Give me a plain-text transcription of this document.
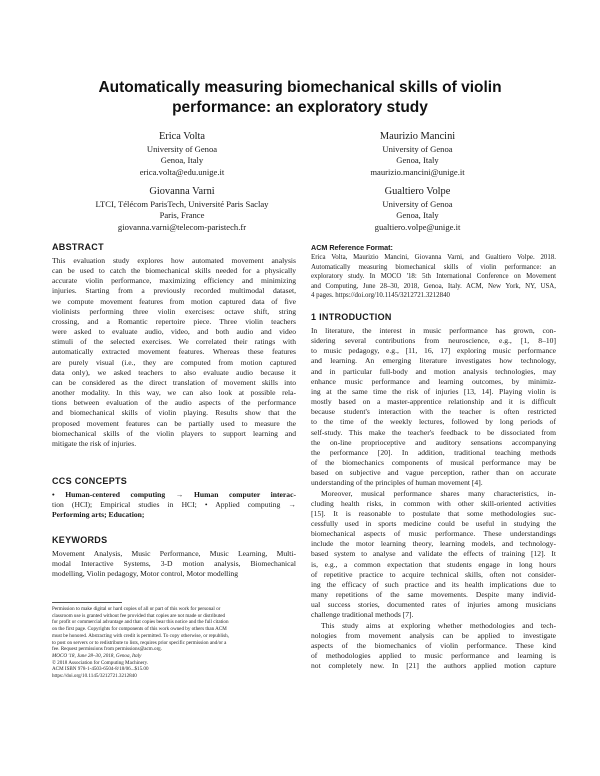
Automatically measuring biomechanical skills of violin
performance: an exploratory study
Erica Volta
University of Genoa
Genoa, Italy
erica.volta@edu.unige.it
Maurizio Mancini
University of Genoa
Genoa, Italy
maurizio.mancini@unige.it
Giovanna Varni
LTCI, Télécom ParisTech, Université Paris Saclay
Paris, France
giovanna.varni@telecom-paristech.fr
Gualtiero Volpe
University of Genoa
Genoa, Italy
gualtiero.volpe@unige.it
ABSTRACT
This evaluation study explores how automated movement analysis
can be used to catch the biomechanical skills needed for a physically
accurate violin performance, maximizing efficiency and minimizing
injuries. Starting from a previously recorded multimodal dataset,
we compute movement features from motion captured data of five
violinists performing three violin exercises: octave shift, string
crossing, and a Romantic repertoire piece. Three violin teachers
were asked to evaluate audio, video, and both audio and video
stimuli of the selected exercises. We correlated their ratings with
automatically extracted movement features. Whereas these features
are purely visual (i.e., they are computed from motion captured
data only), we asked teachers to also evaluate audio because it
can be considered as the direct translation of movement skills into
another modality. In this way, we can also look at possible rela-
tions between evaluation of the audio aspects of the performance
and biomechanical skills of violin playing. Results show that the
proposed movement features can be partially used to measure the
biomechanical skills of the violin players to support learning and
mitigate the risk of injuries.
CCS CONCEPTS
• Human-centered computing → Human computer interac-
tion (HCI); Empirical studies in HCI; • Applied computing →
Performing arts; Education;
KEYWORDS
Movement Analysis, Music Performance, Music Learning, Multi-
modal Interactive Systems, 3-D motion analysis, Biomechanical
modelling, Violin pedagogy, Motor control, Motor modelling
Permission to make digital or hard copies of all or part of this work for personal or
classroom use is granted without fee provided that copies are not made or distributed
for profit or commercial advantage and that copies bear this notice and the full citation
on the first page. Copyrights for components of this work owned by others than ACM
must be honored. Abstracting with credit is permitted. To copy otherwise, or republish,
to post on servers or to redistribute to lists, requires prior specific permission and/or a
fee. Request permissions from permissions@acm.org.
MOCO '18, June 28–30, 2018, Genoa, Italy
© 2018 Association for Computing Machinery.
ACM ISBN 978-1-4503-6504-8/18/06...$15.00
https://doi.org/10.1145/3212721.3212840
ACM Reference Format:
Erica Volta, Maurizio Mancini, Giovanna Varni, and Gualtiero Volpe. 2018.
Automatically measuring biomechanical skills of violin performance: an
exploratory study. In MOCO '18: 5th International Conference on Movement
and Computing, June 28–30, 2018, Genoa, Italy. ACM, New York, NY, USA,
4 pages. https://doi.org/10.1145/3212721.3212840
1 INTRODUCTION
In literature, the interest in music performance has grown, con-
sidering several contributions from neuroscience, e.g., [1, 8–10]
to music pedagogy, e.g., [11, 16, 17] exploring music performance
and learning. An emerging literature investigates how technology,
and in particular full-body and motion analysis technologies, may
enhance music performance and learning outcomes, by minimiz-
ing at the same time the risk of injuries [13, 14]. Playing violin is
mostly based on a master-apprentice relationship and it is difficult
because student's interaction with the teacher is often restricted
to the time of the weekly lectures, followed by long periods of
self-study. This make the teacher's feedback to be dissociated from
the on-line proprioceptive and auditory sensations accompanying
the performance [20]. In addition, traditional teaching methods
of the biomechanics components of musical performance may be
based on subjective and vague perception, rather than on accurate
understanding of the principles of human movement [4].
Moreover, musical performance shares many characteristics, in-
cluding health risks, in common with other skill-oriented activities
[15]. It is reasonable to postulate that some methodologies suc-
cessfully used in sports medicine could be useful in studying the
biomechanical aspects of music performance. These understandings
include the motor learning theory, learning models, and technology-
based system to analyse and validate the effects of training [12]. It
is, e.g., a common expectation that students engage in long hours
of repetitive practice to acquire technical skills, often not consider-
ing the efficacy of such practice and its health implications due to
many repetitions of the same movements. Despite many individ-
ual success stories, documented rates of injuries among musicians
challenge traditional methods [7].
This study aims at exploring whether methodologies and tech-
nologies from movement analysis can be applied to investigate
aspects of the biomechanics of violin performance. These kind
of methodologies applied to music performance and learning is
not completely new. In [21] the authors applied motion capture
